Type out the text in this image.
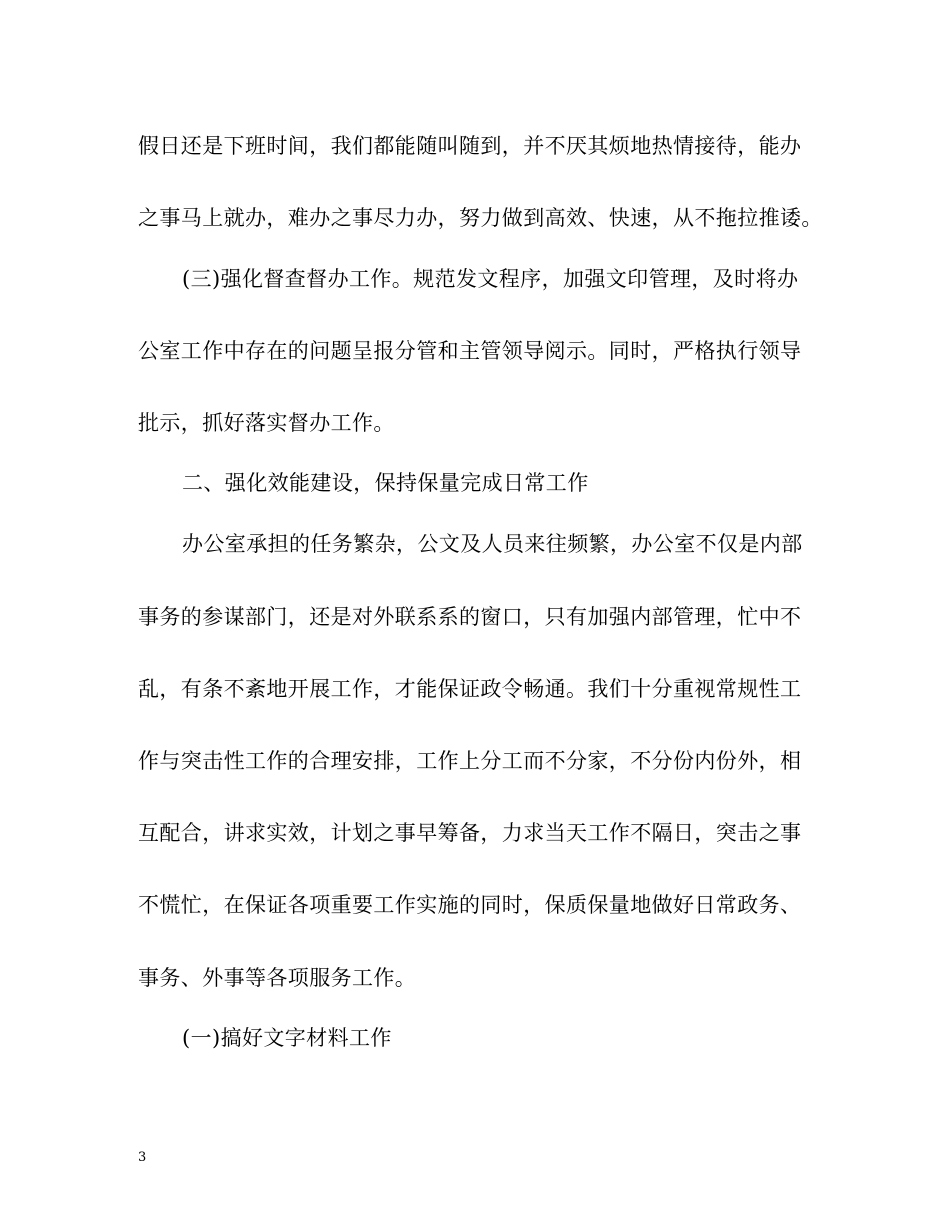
假日还是下班时间，我们都能随叫随到，并不厌其烦地热情接待，能办
之事马上就办，难办之事尽力办，努力做到高效、快速，从不拖拉推诿。
(三)强化督查督办工作。规范发文程序，加强文印管理，及时将办
公室工作中存在的问题呈报分管和主管领导阅示。同时，严格执行领导
批示，抓好落实督办工作。
二、强化效能建设，保持保量完成日常工作
办公室承担的任务繁杂，公文及人员来往频繁，办公室不仅是内部
事务的参谋部门，还是对外联系系的窗口，只有加强内部管理，忙中不
乱，有条不紊地开展工作，才能保证政令畅通。我们十分重视常规性工
作与突击性工作的合理安排，工作上分工而不分家，不分份内份外，相
互配合，讲求实效，计划之事早筹备，力求当天工作不隔日，突击之事
不慌忙，在保证各项重要工作实施的同时，保质保量地做好日常政务、
事务、外事等各项服务工作。
(一)搞好文字材料工作
3
